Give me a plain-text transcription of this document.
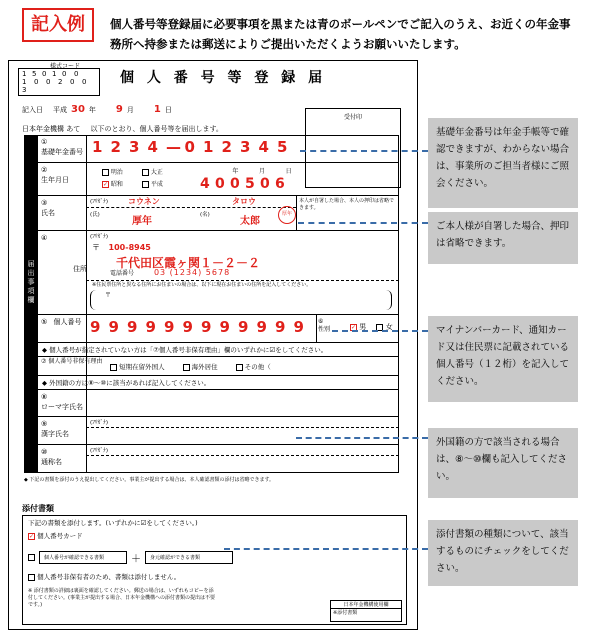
記入例	個人番号等登録届に必要事項を黒または青のボールペンでご記入のうえ、お近くの年金事務所へ持参または郵送によりご提出いただくようお願いいたします。
様式コード
1 5 0 1 0	0
1	0	0	2	0	0
3
個 人 番 号 等 登 録 届
記入日 平成 30 年 9 月 1 日
受付印
日本年金機構 あて 以下のとおり、個人番号等を届出します。
届出事項欄
①
基礎年金番号 1 2 3 4 — 0 1 2 3 4 5
②
生年月日
明治	大正
✓ 昭和	平成	4 0 0 5 0 6
年	月	日
③
氏名
(ﾌﾘｶﾞﾅ) コウネン	タロウ
(氏)	(名)
厚年	太郎
厚年
本人が自署した場合、本人の押印は省略できます。
④
住所
(ﾌﾘｶﾞﾅ)
〒 100-8945
千代田区霞ヶ関１－２－２
電話番号 03 (1234) 5678
※住民票住所と異なる住所にお住まいの場合は、以下に現在お住まいの住所を記入してください。
〒
⑤ 個人番号 9 9 9 9 9 9 9 9 9 9 9 9 ⑥
性別	✓ 男	女
◆ 個人番号が指定されていない方は「⑦個人番号非保有理由」欄のいずれかに☑をしてください。
⑦ 個人番号非保有理由
短期在留外国人	海外居住	その他（
◆ 外国籍の方は⑧～⑩に該当があれば記入してください。
⑧
ローマ字氏名
⑨
漢字氏名
(ﾌﾘｶﾞﾅ)
⑩
通称名
(ﾌﾘｶﾞﾅ)
◆ 下記の書類を添付のうえ提出してください。事業主が提出する場合は、本人確認書類の添付は省略できます。
添付書類
下記の書類を添付します。(いずれかに☑をしてください。)
✓ 個人番号カード
個人番号が確認できる書類	＋	身元確認ができる書類
個人番号非保有者のため、書類は添付しません。
※ 添付書類の詳細は裏面を確認してください。郵送の場合は、いずれもコピーを添付してください。(事業主が提出する場合、日本年金機構への添付書類の提出は不要です。)	日本年金機構使用欄
※添付書類
基礎年金番号は年金手帳等で確認できますが、わからない場合は、事業所のご担当者様にご照会ください。
ご本人様が自署した場合、押印は省略できます。
マイナンバーカード、通知カード又は住民票に記載されている個人番号（１２桁）を記入してください。
外国籍の方で該当される場合は、⑧～⑩欄も記入してください。
添付書類の種類について、該当するものにチェックをしてください。
